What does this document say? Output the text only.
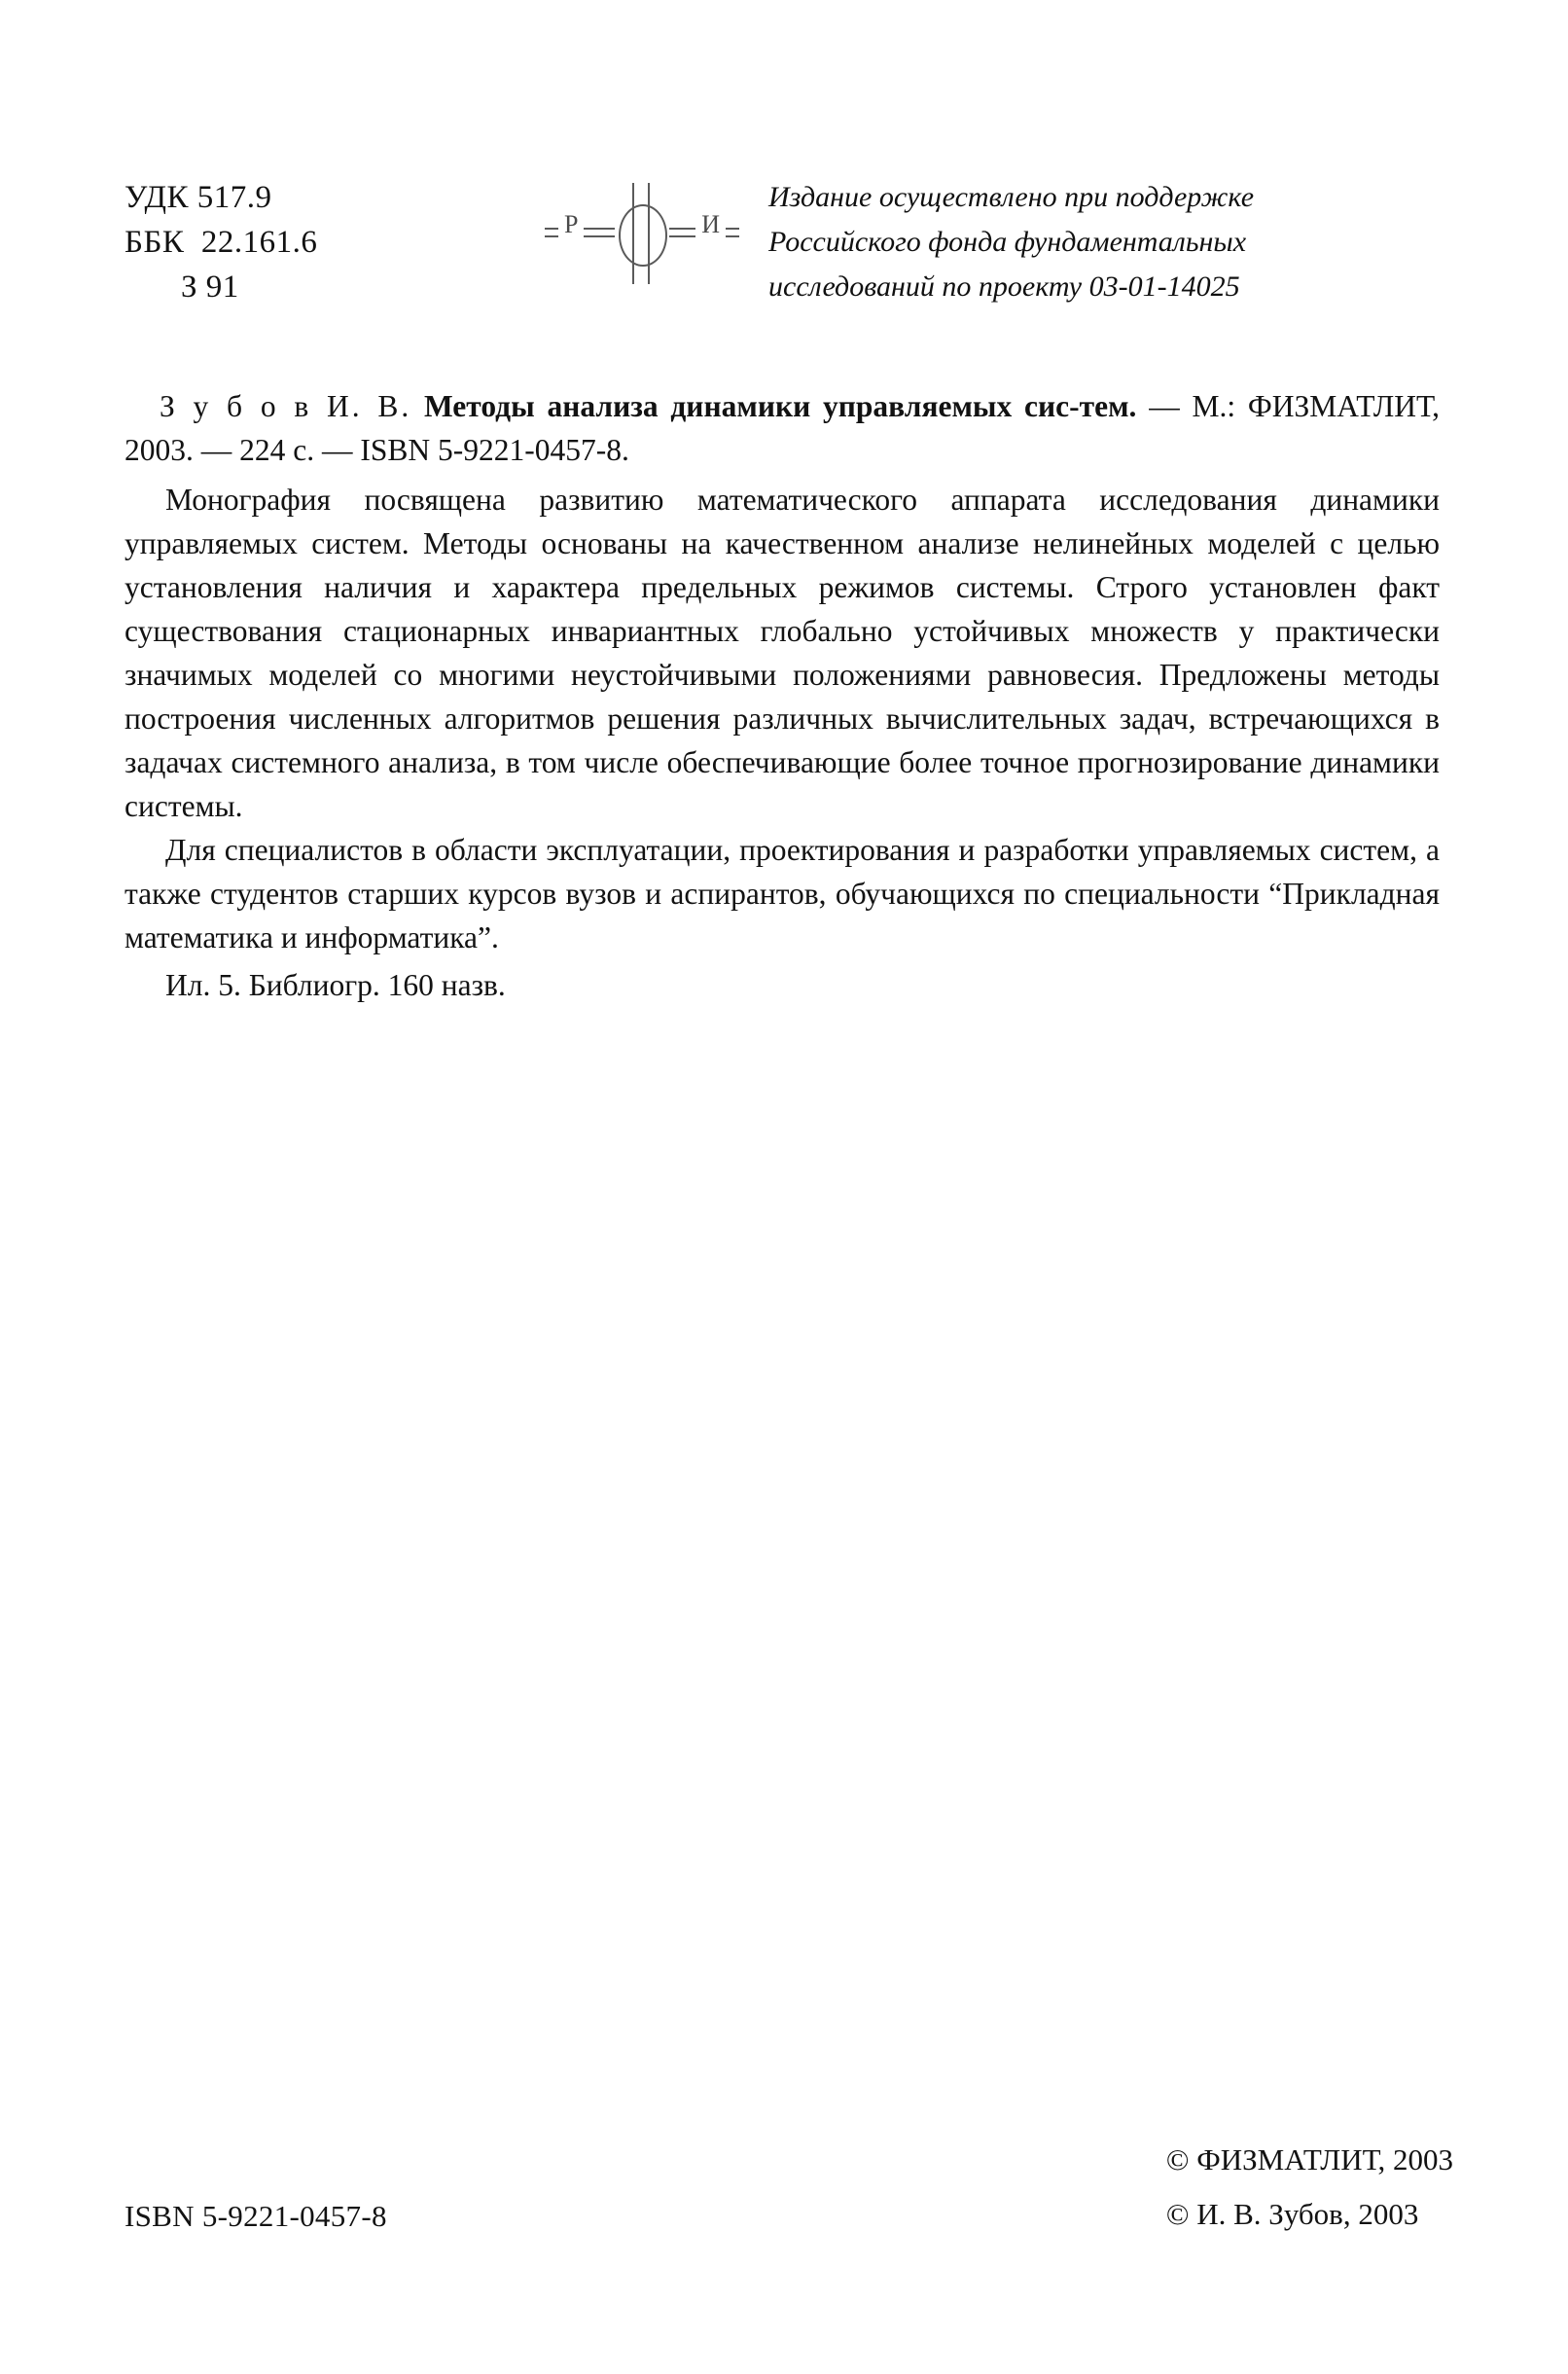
УДК 517.9
ББК  22.161.6
З 91
Р	И
Издание осуществлено при поддержке
Российского фонда фундаментальных
исследований по проекту 03-01-14025

З у б о в И. В. Методы анализа динамики управляемых сис-тем. — М.: ФИЗМАТЛИТ, 2003. — 224 с. — ISBN 5-9221-0457-8.

Монография посвящена развитию математического аппарата исследования динамики управляемых систем. Методы основаны на качественном анализе нелинейных моделей с целью установления наличия и характера предельных режимов системы. Строго установлен факт существования стационарных инвариантных глобально устойчивых множеств у практически значимых моделей со многими неустойчивыми положениями равновесия. Предложены методы построения численных алгоритмов решения различных вычислительных задач, встречающихся в задачах системного анализа, в том числе обеспечивающие более точное прогнозирование динамики системы.

Для специалистов в области эксплуатации, проектирования и разработки управляемых систем, а также студентов старших курсов вузов и аспирантов, обучающихся по специальности “Прикладная математика и информатика”.

Ил. 5. Библиогр. 160 назв.

ISBN 5-9221-0457-8
© ФИЗМАТЛИТ, 2003
© И. В. Зубов, 2003
